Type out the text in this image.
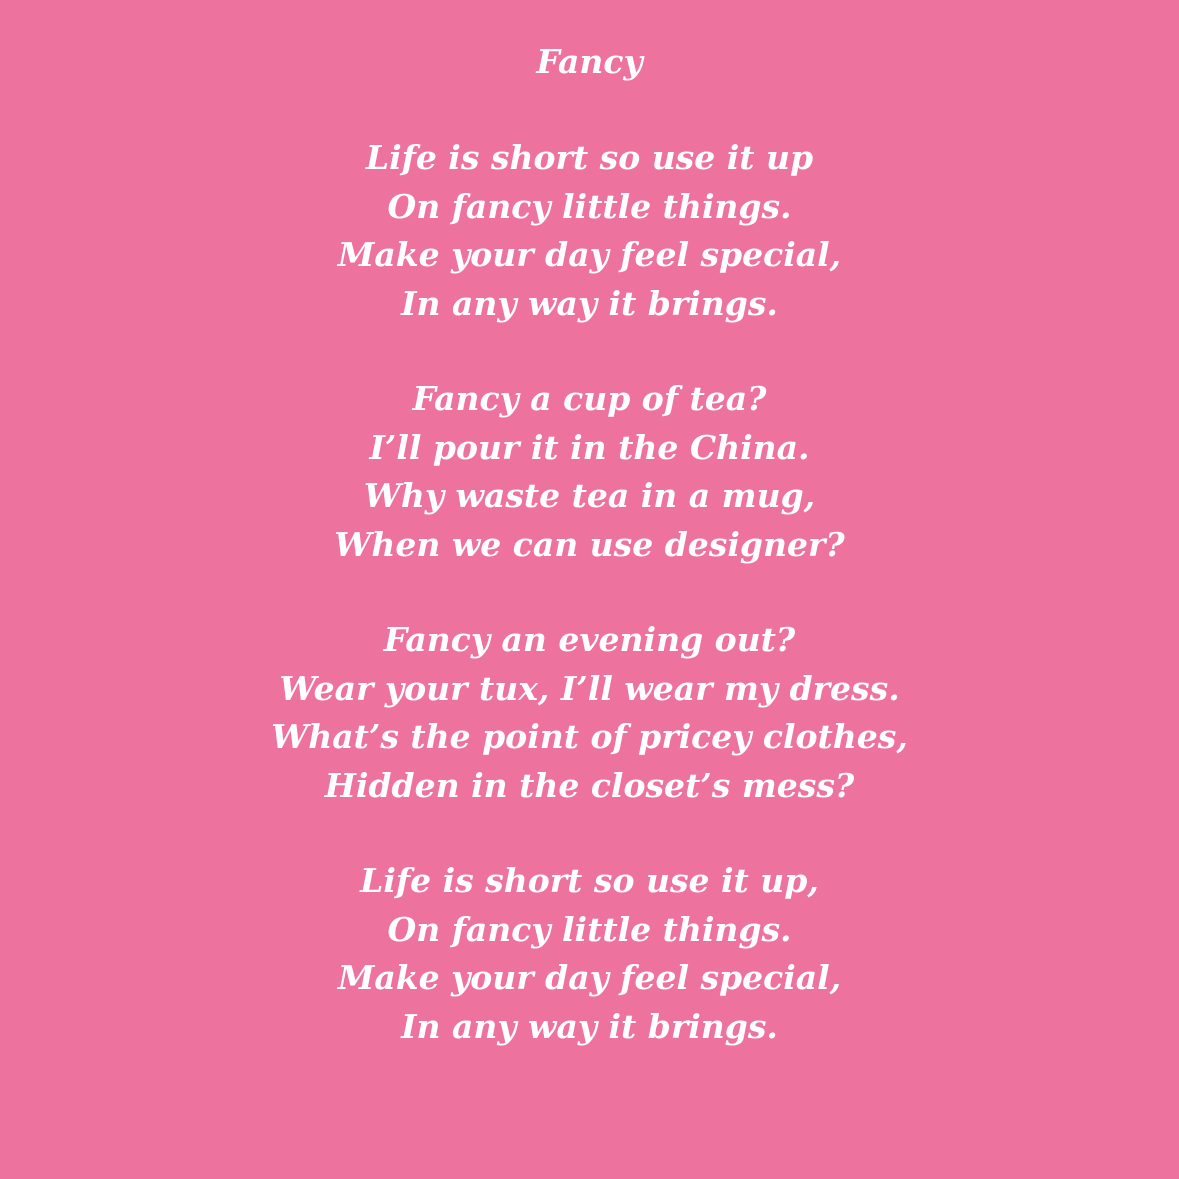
Fancy
Life is short so use it up
On fancy little things.
Make your day feel special,
In any way it brings.
Fancy a cup of tea?
I’ll pour it in the China.
Why waste tea in a mug,
When we can use designer?
Fancy an evening out?
Wear your tux, I’ll wear my dress.
What’s the point of pricey clothes,
Hidden in the closet’s mess?
Life is short so use it up,
On fancy little things.
Make your day feel special,
In any way it brings.
